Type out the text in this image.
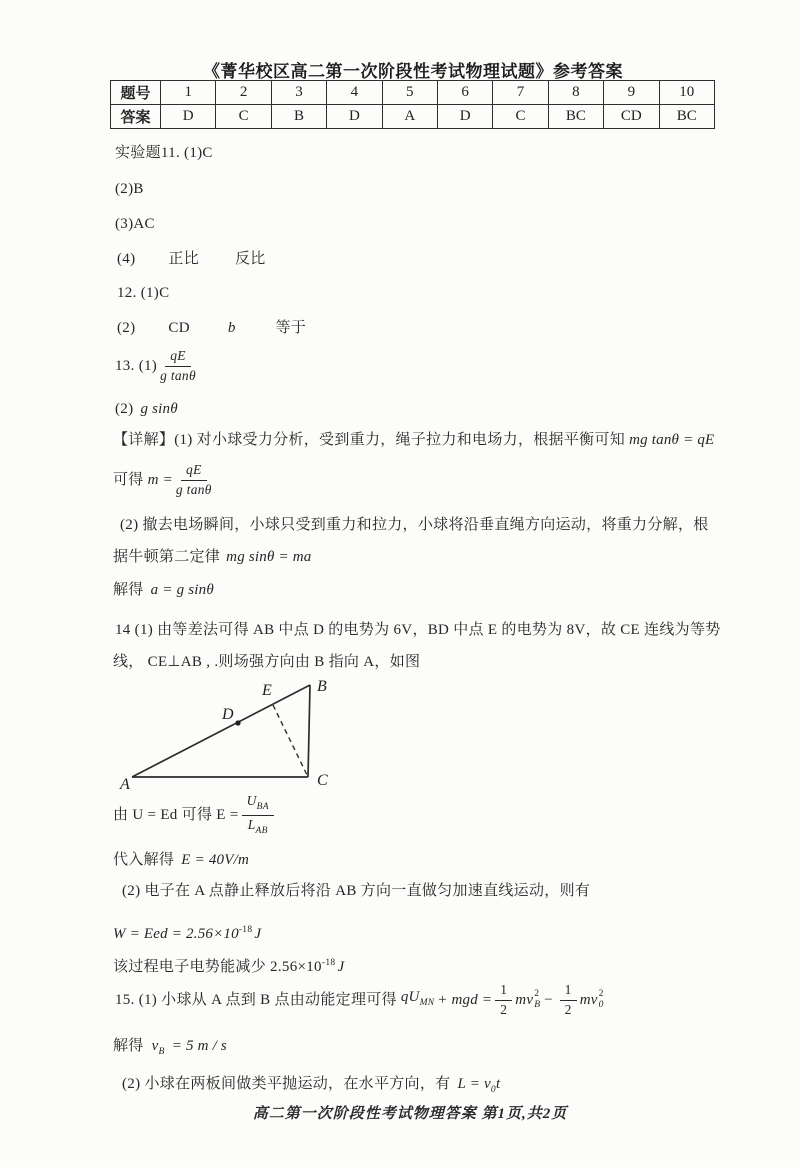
《菁华校区高二第一次阶段性考试物理试题》参考答案
题号	1	2	3	4	5	6	7	8	9	10
答案	D	C	B	D	A	D	C	BC	CD	BC
实验题11. (1)C
(2)B
(3)AC
(4) 正比 反比
12. (1)C
(2) CD	b	等于
13. $(1) \frac{qE}{\text{g tanθ}}$
(2) g sinθ
【详解】(1) 对小球受力分析，受到重力，绳子拉力和电场力，根据平衡可知 mg tanθ = qE
可得 $m = \frac{qE}{\text{g tanθ}}$
(2) 撤去电场瞬间，小球只受到重力和拉力，小球将沿垂直绳方向运动，将重力分解，根
据牛顿第二定律 mg sinθ = ma
解得 a = g sinθ
14 (1) 由等差法可得 AB 中点 D 的电势为 6V，BD 中点 E 的电势为 8V，故 CE 连线为等势
线， CE⊥AB , .则场强方向由 B 指向 A，如图
A
B
C
D
E
由 U = Ed 可得 $E = \frac{U_{BA}}{L_{AB}}$
代入解得 E = 40V/m
(2) 电子在 A 点静止释放后将沿 AB 方向一直做匀加速直线运动，则有
W = Eed = $2.56\times 10^{-18}$ J
该过程电子电势能减少 $2.56\times 10^{-18}$ J
15. (1) 小球从 A 点到 B 点由动能定理可得 $qU_{MN}$ + mgd = $\frac{1}{2}$ mv 2
$B - \frac{1}{2}$ mv 2
0
解得 $v_B = 5$ m / s
(2) 小球在两板间做类平抛运动，在水平方向，有 $L = v_0t$
高二第一次阶段性考试物理答案 第1页,共2页
